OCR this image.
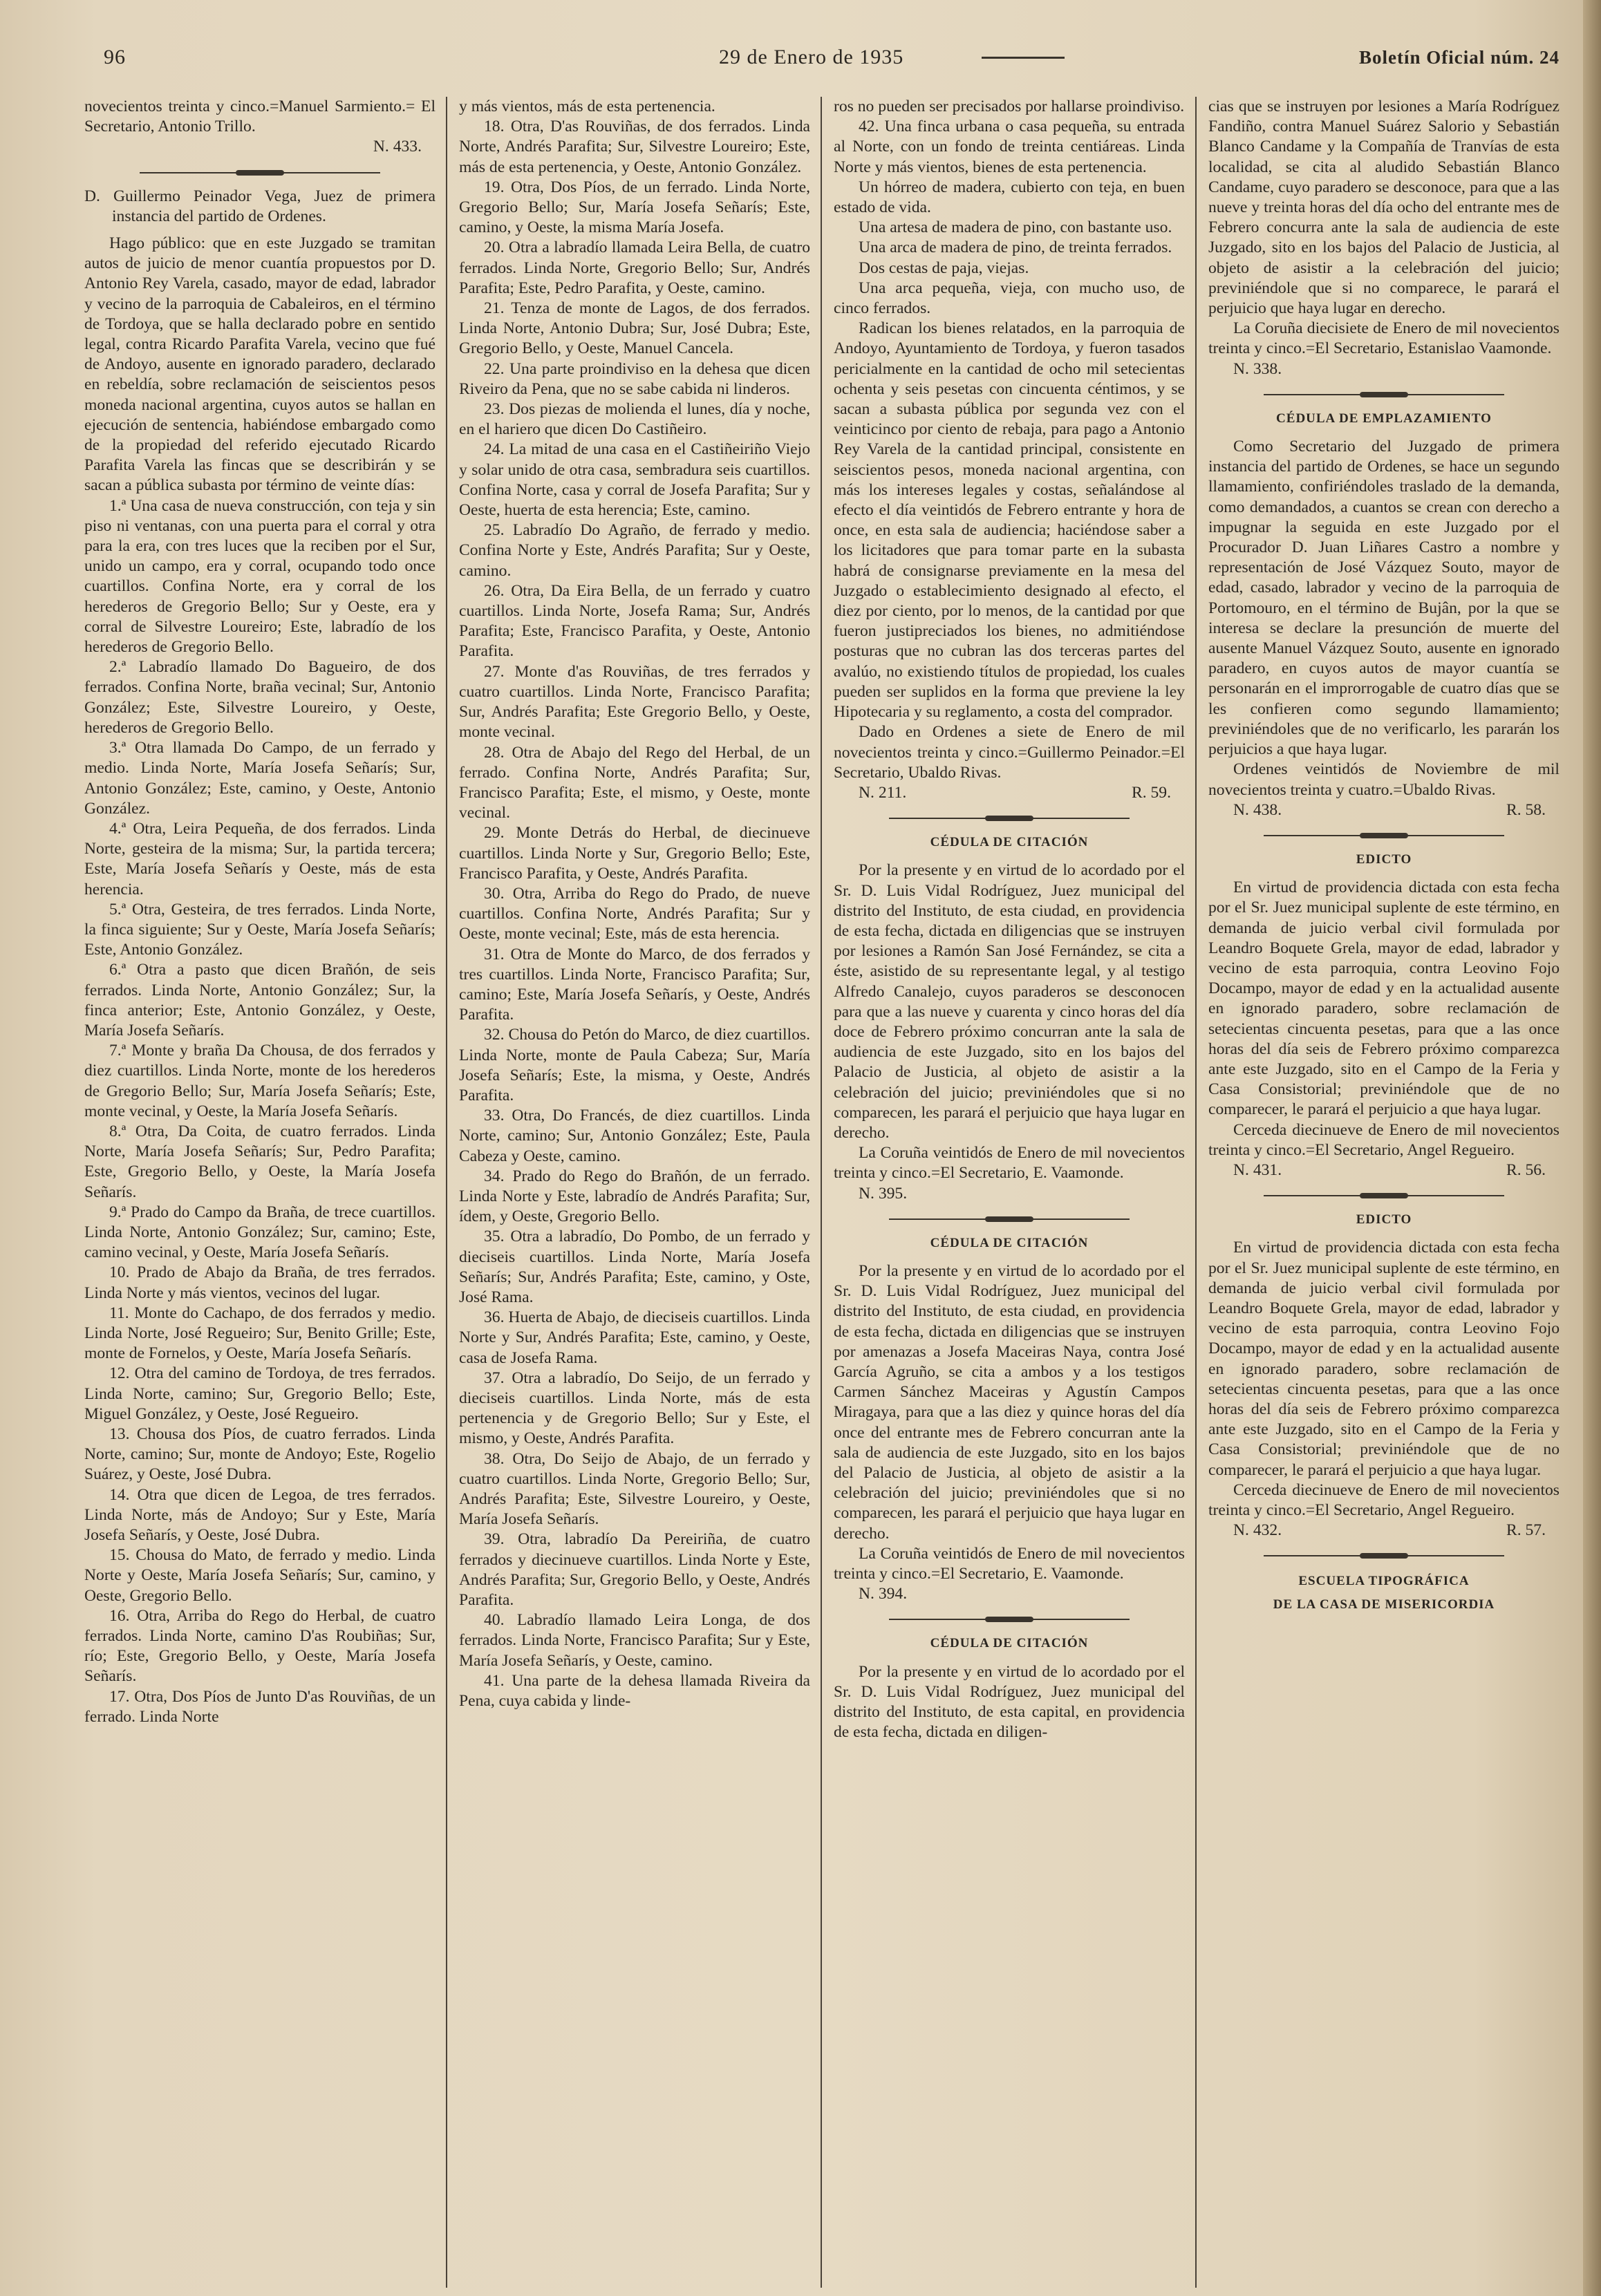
96	29 de Enero de 1935	Boletín Oficial núm. 24

novecientos treinta y cinco.=Manuel Sarmiento.= El Secretario, Antonio Trillo.

N. 433.

D. Guillermo Peinador Vega, Juez de primera instancia del partido de Ordenes.

Hago público: que en este Juzgado se tramitan autos de juicio de menor cuantía propuestos por D. Antonio Rey Varela, casado, mayor de edad, labrador y vecino de la parroquia de Cabaleiros, en el término de Tordoya, que se halla declarado pobre en sentido legal, contra Ricardo Parafita Varela, vecino que fué de Andoyo, ausente en ignorado paradero, declarado en rebeldía, sobre reclamación de seiscientos pesos moneda nacional argentina, cuyos autos se hallan en ejecución de sentencia, habiéndose embargado como de la propiedad del referido ejecutado Ricardo Parafita Varela las fincas que se describirán y se sacan a pública subasta por término de veinte días:

1.ª Una casa de nueva construcción, con teja y sin piso ni ventanas, con una puerta para el corral y otra para la era, con tres luces que la reciben por el Sur, unido un campo, era y corral, ocupando todo once cuartillos. Confina Norte, era y corral de los herederos de Gregorio Bello; Sur y Oeste, era y corral de Silvestre Loureiro; Este, labradío de los herederos de Gregorio Bello.

2.ª Labradío llamado Do Bagueiro, de dos ferrados. Confina Norte, braña vecinal; Sur, Antonio González; Este, Silvestre Loureiro, y Oeste, herederos de Gregorio Bello.

3.ª Otra llamada Do Campo, de un ferrado y medio. Linda Norte, María Josefa Señarís; Sur, Antonio González; Este, camino, y Oeste, Antonio González.

4.ª Otra, Leira Pequeña, de dos ferrados. Linda Norte, gesteira de la misma; Sur, la partida tercera; Este, María Josefa Señarís y Oeste, más de esta herencia.

5.ª Otra, Gesteira, de tres ferrados. Linda Norte, la finca siguiente; Sur y Oeste, María Josefa Señarís; Este, Antonio González.

6.ª Otra a pasto que dicen Brañón, de seis ferrados. Linda Norte, Antonio González; Sur, la finca anterior; Este, Antonio González, y Oeste, María Josefa Señarís.

7.ª Monte y braña Da Chousa, de dos ferrados y diez cuartillos. Linda Norte, monte de los herederos de Gregorio Bello; Sur, María Josefa Señarís; Este, monte vecinal, y Oeste, la María Josefa Señarís.

8.ª Otra, Da Coita, de cuatro ferrados. Linda Norte, María Josefa Señarís; Sur, Pedro Parafita; Este, Gregorio Bello, y Oeste, la María Josefa Señarís.

9.ª Prado do Campo da Braña, de trece cuartillos. Linda Norte, Antonio González; Sur, camino; Este, camino vecinal, y Oeste, María Josefa Señarís.

10. Prado de Abajo da Braña, de tres ferrados. Linda Norte y más vientos, vecinos del lugar.

11. Monte do Cachapo, de dos ferrados y medio. Linda Norte, José Regueiro; Sur, Benito Grille; Este, monte de Fornelos, y Oeste, María Josefa Señarís.

12. Otra del camino de Tordoya, de tres ferrados. Linda Norte, camino; Sur, Gregorio Bello; Este, Miguel González, y Oeste, José Regueiro.

13. Chousa dos Píos, de cuatro ferrados. Linda Norte, camino; Sur, monte de Andoyo; Este, Rogelio Suárez, y Oeste, José Dubra.

14. Otra que dicen de Legoa, de tres ferrados. Linda Norte, más de Andoyo; Sur y Este, María Josefa Señarís, y Oeste, José Dubra.

15. Chousa do Mato, de ferrado y medio. Linda Norte y Oeste, María Josefa Señarís; Sur, camino, y Oeste, Gregorio Bello.

16. Otra, Arriba do Rego do Herbal, de cuatro ferrados. Linda Norte, camino D'as Roubiñas; Sur, río; Este, Gregorio Bello, y Oeste, María Josefa Señarís.

17. Otra, Dos Píos de Junto D'as Rouviñas, de un ferrado. Linda Norte

y más vientos, más de esta pertenencia.

18. Otra, D'as Rouviñas, de dos ferrados. Linda Norte, Andrés Parafita; Sur, Silvestre Loureiro; Este, más de esta pertenencia, y Oeste, Antonio González.

19. Otra, Dos Píos, de un ferrado. Linda Norte, Gregorio Bello; Sur, María Josefa Señarís; Este, camino, y Oeste, la misma María Josefa.

20. Otra a labradío llamada Leira Bella, de cuatro ferrados. Linda Norte, Gregorio Bello; Sur, Andrés Parafita; Este, Pedro Parafita, y Oeste, camino.

21. Tenza de monte de Lagos, de dos ferrados. Linda Norte, Antonio Dubra; Sur, José Dubra; Este, Gregorio Bello, y Oeste, Manuel Cancela.

22. Una parte proindiviso en la dehesa que dicen Riveiro da Pena, que no se sabe cabida ni linderos.

23. Dos piezas de molienda el lunes, día y noche, en el hariero que dicen Do Castiñeiro.

24. La mitad de una casa en el Castiñeiriño Viejo y solar unido de otra casa, sembradura seis cuartillos. Confina Norte, casa y corral de Josefa Parafita; Sur y Oeste, huerta de esta herencia; Este, camino.

25. Labradío Do Agraño, de ferrado y medio. Confina Norte y Este, Andrés Parafita; Sur y Oeste, camino.

26. Otra, Da Eira Bella, de un ferrado y cuatro cuartillos. Linda Norte, Josefa Rama; Sur, Andrés Parafita; Este, Francisco Parafita, y Oeste, Antonio Parafita.

27. Monte d'as Rouviñas, de tres ferrados y cuatro cuartillos. Linda Norte, Francisco Parafita; Sur, Andrés Parafita; Este Gregorio Bello, y Oeste, monte vecinal.

28. Otra de Abajo del Rego del Herbal, de un ferrado. Confina Norte, Andrés Parafita; Sur, Francisco Parafita; Este, el mismo, y Oeste, monte vecinal.

29. Monte Detrás do Herbal, de diecinueve cuartillos. Linda Norte y Sur, Gregorio Bello; Este, Francisco Parafita, y Oeste, Andrés Parafita.

30. Otra, Arriba do Rego do Prado, de nueve cuartillos. Confina Norte, Andrés Parafita; Sur y Oeste, monte vecinal; Este, más de esta herencia.

31. Otra de Monte do Marco, de dos ferrados y tres cuartillos. Linda Norte, Francisco Parafita; Sur, camino; Este, María Josefa Señarís, y Oeste, Andrés Parafita.

32. Chousa do Petón do Marco, de diez cuartillos. Linda Norte, monte de Paula Cabeza; Sur, María Josefa Señarís; Este, la misma, y Oeste, Andrés Parafita.

33. Otra, Do Francés, de diez cuartillos. Linda Norte, camino; Sur, Antonio González; Este, Paula Cabeza y Oeste, camino.

34. Prado do Rego do Brañón, de un ferrado. Linda Norte y Este, labradío de Andrés Parafita; Sur, ídem, y Oeste, Gregorio Bello.

35. Otra a labradío, Do Pombo, de un ferrado y dieciseis cuartillos. Linda Norte, María Josefa Señarís; Sur, Andrés Parafita; Este, camino, y Oste, José Rama.

36. Huerta de Abajo, de dieciseis cuartillos. Linda Norte y Sur, Andrés Parafita; Este, camino, y Oeste, casa de Josefa Rama.

37. Otra a labradío, Do Seijo, de un ferrado y dieciseis cuartillos. Linda Norte, más de esta pertenencia y de Gregorio Bello; Sur y Este, el mismo, y Oeste, Andrés Parafita.

38. Otra, Do Seijo de Abajo, de un ferrado y cuatro cuartillos. Linda Norte, Gregorio Bello; Sur, Andrés Parafita; Este, Silvestre Loureiro, y Oeste, María Josefa Señarís.

39. Otra, labradío Da Pereiriña, de cuatro ferrados y diecinueve cuartillos. Linda Norte y Este, Andrés Parafita; Sur, Gregorio Bello, y Oeste, Andrés Parafita.

40. Labradío llamado Leira Longa, de dos ferrados. Linda Norte, Francisco Parafita; Sur y Este, María Josefa Señarís, y Oeste, camino.

41. Una parte de la dehesa llamada Riveira da Pena, cuya cabida y linde-

ros no pueden ser precisados por hallarse proindiviso.

42. Una finca urbana o casa pequeña, su entrada al Norte, con un fondo de treinta centiáreas. Linda Norte y más vientos, bienes de esta pertenencia.

Un hórreo de madera, cubierto con teja, en buen estado de vida.

Una artesa de madera de pino, con bastante uso.

Una arca de madera de pino, de treinta ferrados.

Dos cestas de paja, viejas.

Una arca pequeña, vieja, con mucho uso, de cinco ferrados.

Radican los bienes relatados, en la parroquia de Andoyo, Ayuntamiento de Tordoya, y fueron tasados pericialmente en la cantidad de ocho mil setecientas ochenta y seis pesetas con cincuenta céntimos, y se sacan a subasta pública por segunda vez con el veinticinco por ciento de rebaja, para pago a Antonio Rey Varela de la cantidad principal, consistente en seiscientos pesos, moneda nacional argentina, con más los intereses legales y costas, señalándose al efecto el día veintidós de Febrero entrante y hora de once, en esta sala de audiencia; haciéndose saber a los licitadores que para tomar parte en la subasta habrá de consignarse previamente en la mesa del Juzgado o establecimiento designado al efecto, el diez por ciento, por lo menos, de la cantidad por que fueron justipreciados los bienes, no admitiéndose posturas que no cubran las dos terceras partes del avalúo, no existiendo títulos de propiedad, los cuales pueden ser suplidos en la forma que previene la ley Hipotecaria y su reglamento, a costa del comprador.

Dado en Ordenes a siete de Enero de mil novecientos treinta y cinco.=Guillermo Peinador.=El Secretario, Ubaldo Rivas.

N. 211.	R. 59.
CÉDULA DE CITACIÓN

Por la presente y en virtud de lo acordado por el Sr. D. Luis Vidal Rodríguez, Juez municipal del distrito del Instituto, de esta ciudad, en providencia de esta fecha, dictada en diligencias que se instruyen por lesiones a Ramón San José Fernández, se cita a éste, asistido de su representante legal, y al testigo Alfredo Canalejo, cuyos paraderos se desconocen para que a las nueve y cuarenta y cinco horas del día doce de Febrero próximo concurran ante la sala de audiencia de este Juzgado, sito en los bajos del Palacio de Justicia, al objeto de asistir a la celebración del juicio; previniéndoles que si no comparecen, les parará el perjuicio que haya lugar en derecho.

La Coruña veintidós de Enero de mil novecientos treinta y cinco.=El Secretario, E. Vaamonde.

N. 395.
CÉDULA DE CITACIÓN

Por la presente y en virtud de lo acordado por el Sr. D. Luis Vidal Rodríguez, Juez municipal del distrito del Instituto, de esta ciudad, en providencia de esta fecha, dictada en diligencias que se instruyen por amenazas a Josefa Maceiras Naya, contra José García Agruño, se cita a ambos y a los testigos Carmen Sánchez Maceiras y Agustín Campos Miragaya, para que a las diez y quince horas del día once del entrante mes de Febrero concurran ante la sala de audiencia de este Juzgado, sito en los bajos del Palacio de Justicia, al objeto de asistir a la celebración del juicio; previniéndoles que si no comparecen, les parará el perjuicio que haya lugar en derecho.

La Coruña veintidós de Enero de mil novecientos treinta y cinco.=El Secretario, E. Vaamonde.

N. 394.
CÉDULA DE CITACIÓN

Por la presente y en virtud de lo acordado por el Sr. D. Luis Vidal Rodríguez, Juez municipal del distrito del Instituto, de esta capital, en providencia de esta fecha, dictada en diligen-

cias que se instruyen por lesiones a María Rodríguez Fandiño, contra Manuel Suárez Salorio y Sebastián Blanco Candame y la Compañía de Tranvías de esta localidad, se cita al aludido Sebastián Blanco Candame, cuyo paradero se desconoce, para que a las nueve y treinta horas del día ocho del entrante mes de Febrero concurra ante la sala de audiencia de este Juzgado, sito en los bajos del Palacio de Justicia, al objeto de asistir a la celebración del juicio; previniéndole que si no comparece, le parará el perjuicio que haya lugar en derecho.

La Coruña diecisiete de Enero de mil novecientos treinta y cinco.=El Secretario, Estanislao Vaamonde.

N. 338.
CÉDULA DE EMPLAZAMIENTO

Como Secretario del Juzgado de primera instancia del partido de Ordenes, se hace un segundo llamamiento, confiriéndoles traslado de la demanda, como demandados, a cuantos se crean con derecho a impugnar la seguida en este Juzgado por el Procurador D. Juan Liñares Castro a nombre y representación de José Vázquez Souto, mayor de edad, casado, labrador y vecino de la parroquia de Portomouro, en el término de Bujân, por la que se interesa se declare la presunción de muerte del ausente Manuel Vázquez Souto, ausente en ignorado paradero, en cuyos autos de mayor cuantía se personarán en el improrrogable de cuatro días que se les confieren como segundo llamamiento; previniéndoles que de no verificarlo, les pararán los perjuicios a que haya lugar.

Ordenes veintidós de Noviembre de mil novecientos treinta y cuatro.=Ubaldo Rivas.

N. 438.	R. 58.
EDICTO

En virtud de providencia dictada con esta fecha por el Sr. Juez municipal suplente de este término, en demanda de juicio verbal civil formulada por Leandro Boquete Grela, mayor de edad, labrador y vecino de esta parroquia, contra Leovino Fojo Docampo, mayor de edad y en la actualidad ausente en ignorado paradero, sobre reclamación de setecientas cincuenta pesetas, para que a las once horas del día seis de Febrero próximo comparezca ante este Juzgado, sito en el Campo de la Feria y Casa Consistorial; previniéndole que de no comparecer, le parará el perjuicio a que haya lugar.

Cerceda diecinueve de Enero de mil novecientos treinta y cinco.=El Secretario, Angel Regueiro.

N. 431.	R. 56.
EDICTO

En virtud de providencia dictada con esta fecha por el Sr. Juez municipal suplente de este término, en demanda de juicio verbal civil formulada por Leandro Boquete Grela, mayor de edad, labrador y vecino de esta parroquia, contra Leovino Fojo Docampo, mayor de edad y en la actualidad ausente en ignorado paradero, sobre reclamación de setecientas cincuenta pesetas, para que a las once horas del día seis de Febrero próximo comparezca ante este Juzgado, sito en el Campo de la Feria y Casa Consistorial; previniéndole que de no comparecer, le parará el perjuicio a que haya lugar.

Cerceda diecinueve de Enero de mil novecientos treinta y cinco.=El Secretario, Angel Regueiro.

N. 432.	R. 57.
ESCUELA TIPOGRÁFICA
DE LA CASA DE MISERICORDIA
